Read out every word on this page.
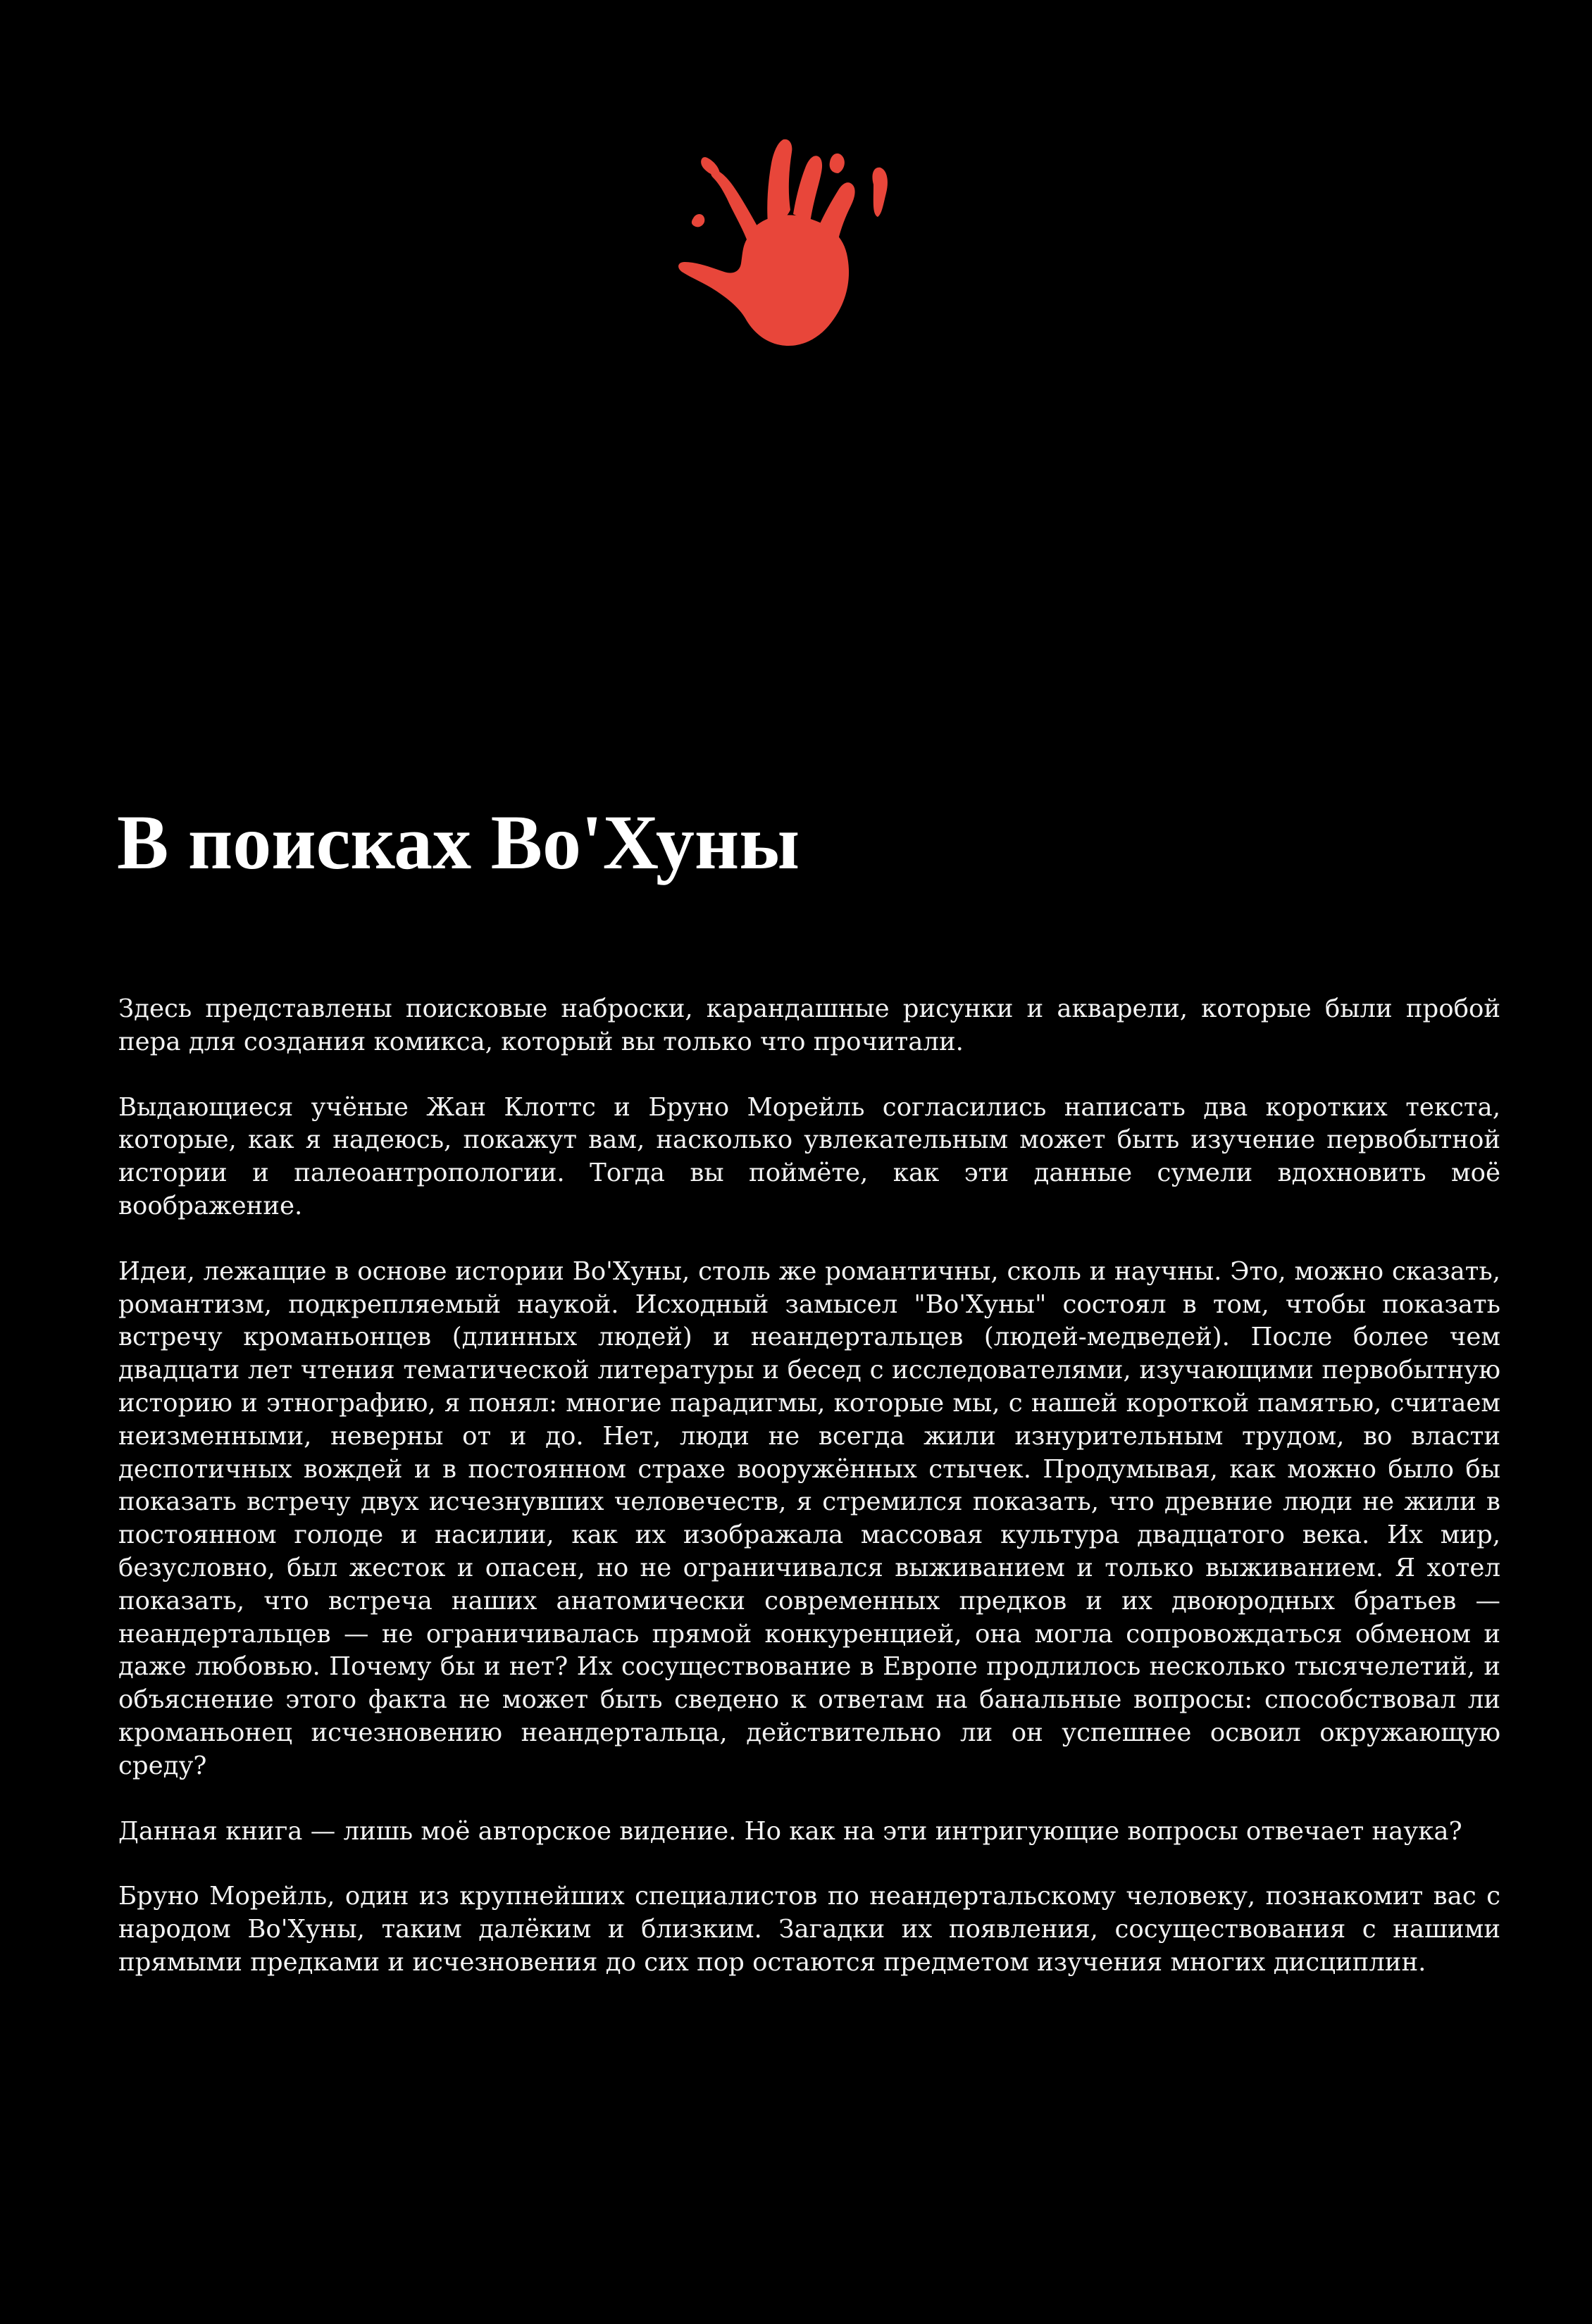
В поисках Во'Хуны

Здесь представлены поисковые наброски, карандашные рисунки и акварели, которые были пробой пера для создания комикса, который вы только что прочитали.

Выдающиеся учёные Жан Клоттс и Бруно Морейль согласились написать два коротких текста, которые, как я надеюсь, покажут вам, насколько увлекательным может быть изучение первобытной истории и палеоантропологии. Тогда вы поймёте, как эти данные сумели вдохновить моё воображение.

Идеи, лежащие в основе истории Во'Хуны, столь же романтичны, сколь и научны. Это, можно сказать, романтизм, подкрепляемый наукой. Исходный замысел "Во'Хуны" состоял в том, чтобы показать встречу кроманьонцев (длинных людей) и неандертальцев (людей-медведей). После более чем двадцати лет чтения тематической литературы и бесед с исследователями, изучающими первобытную историю и этнографию, я понял: многие парадигмы, которые мы, с нашей короткой памятью, считаем неизменными, неверны от и до. Нет, люди не всегда жили изнурительным трудом, во власти деспотичных вождей и в постоянном страхе вооружённых стычек. Продумывая, как можно было бы показать встречу двух исчезнувших человечеств, я стремился показать, что древние люди не жили в постоянном голоде и насилии, как их изображала массовая культура двадцатого века. Их мир, безусловно, был жесток и опасен, но не ограничивался выживанием и только выживанием. Я хотел показать, что встреча наших анатомически современных предков и их двоюродных братьев — неандертальцев — не ограничивалась прямой конкуренцией, она могла сопровождаться обменом и даже любовью. Почему бы и нет? Их сосуществование в Европе продлилось несколько тысячелетий, и объяснение этого факта не может быть сведено к ответам на банальные вопросы: способствовал ли кроманьонец исчезновению неандертальца, действительно ли он успешнее освоил окружающую среду?

Данная книга — лишь моё авторское видение. Но как на эти интригующие вопросы отвечает наука?

Бруно Морейль, один из крупнейших специалистов по неандертальскому человеку, познакомит вас с народом Во'Хуны, таким далёким и близким. Загадки их появления, сосуществования с нашими прямыми предками и исчезновения до сих пор остаются предметом изучения многих дисциплин.
